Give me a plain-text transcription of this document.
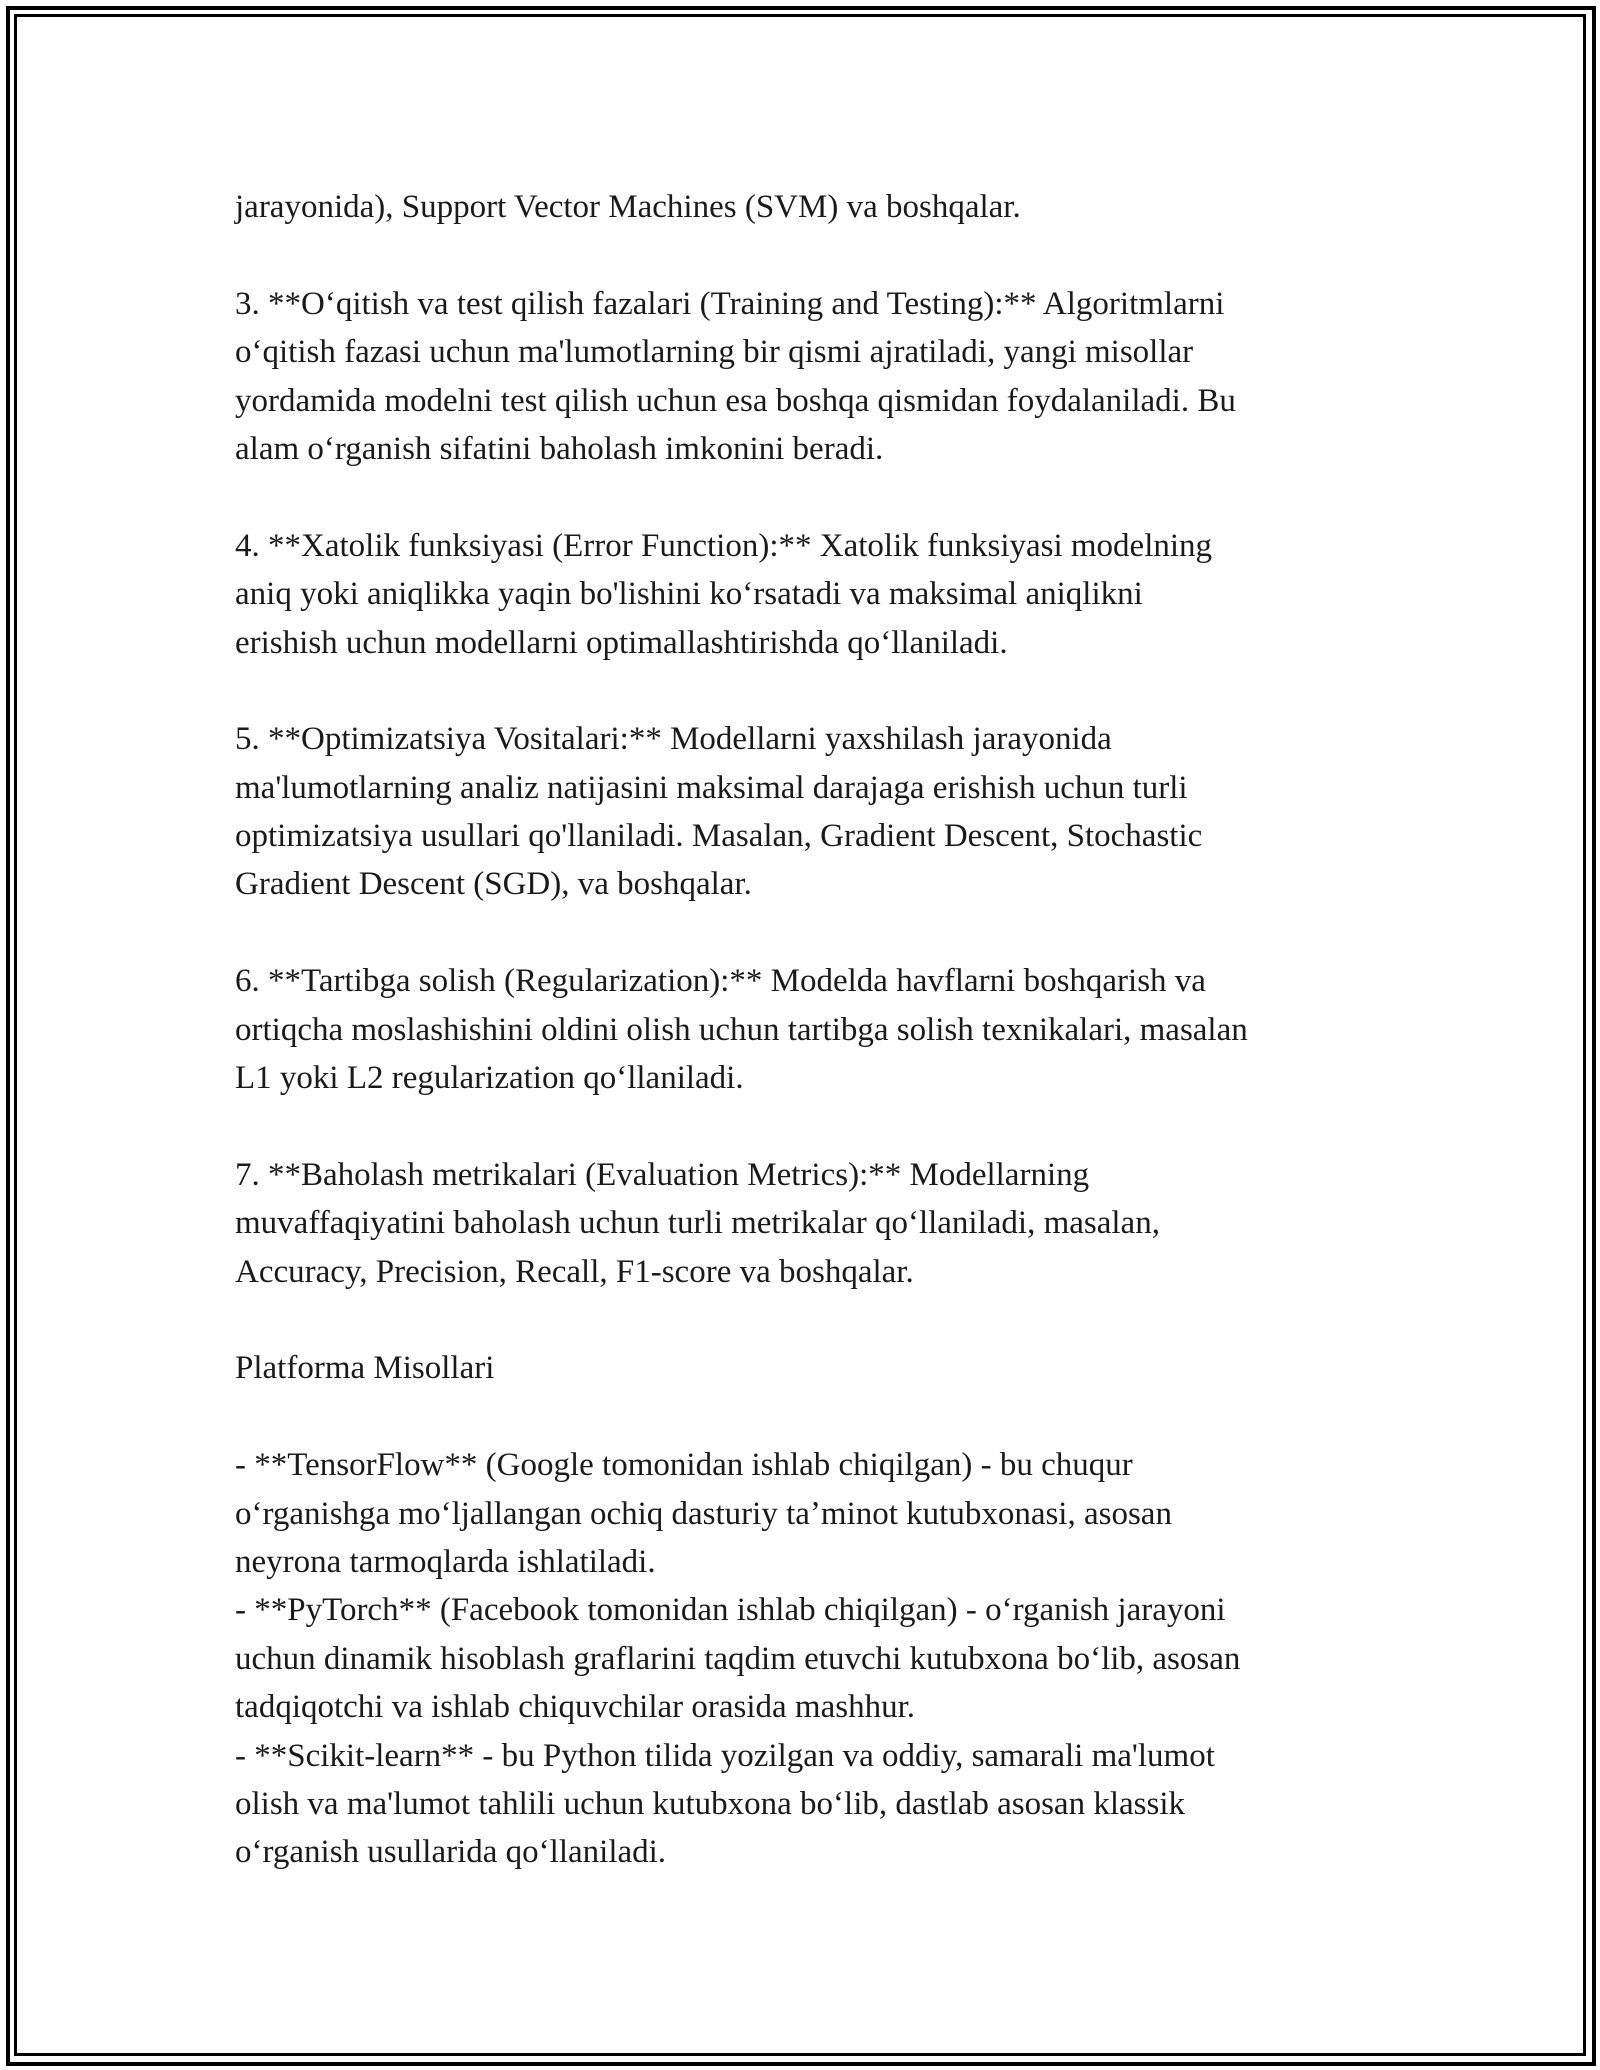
jarayonida), Support Vector Machines (SVM) va boshqalar.
3. **Oʻqitish va test qilish fazalari (Training and Testing):** Algoritmlarni
oʻqitish fazasi uchun ma'lumotlarning bir qismi ajratiladi, yangi misollar
yordamida modelni test qilish uchun esa boshqa qismidan foydalaniladi. Bu
alam oʻrganish sifatini baholash imkonini beradi.
4. **Xatolik funksiyasi (Error Function):** Xatolik funksiyasi modelning
aniq yoki aniqlikka yaqin bo'lishini koʻrsatadi va maksimal aniqlikni
erishish uchun modellarni optimallashtirishda qoʻllaniladi.
5. **Optimizatsiya Vositalari:** Modellarni yaxshilash jarayonida
ma'lumotlarning analiz natijasini maksimal darajaga erishish uchun turli
optimizatsiya usullari qo'llaniladi. Masalan, Gradient Descent, Stochastic
Gradient Descent (SGD), va boshqalar.
6. **Tartibga solish (Regularization):** Modelda havflarni boshqarish va
ortiqcha moslashishini oldini olish uchun tartibga solish texnikalari, masalan
L1 yoki L2 regularization qoʻllaniladi.
7. **Baholash metrikalari (Evaluation Metrics):** Modellarning
muvaffaqiyatini baholash uchun turli metrikalar qoʻllaniladi, masalan,
Accuracy, Precision, Recall, F1-score va boshqalar.
Platforma Misollari
- **TensorFlow** (Google tomonidan ishlab chiqilgan) - bu chuqur
oʻrganishga moʻljallangan ochiq dasturiy taʼminot kutubxonasi, asosan
neyrona tarmoqlarda ishlatiladi.
- **PyTorch** (Facebook tomonidan ishlab chiqilgan) - oʻrganish jarayoni
uchun dinamik hisoblash graflarini taqdim etuvchi kutubxona boʻlib, asosan
tadqiqotchi va ishlab chiquvchilar orasida mashhur.
- **Scikit-learn** - bu Python tilida yozilgan va oddiy, samarali ma'lumot
olish va ma'lumot tahlili uchun kutubxona boʻlib, dastlab asosan klassik
oʻrganish usullarida qoʻllaniladi.
